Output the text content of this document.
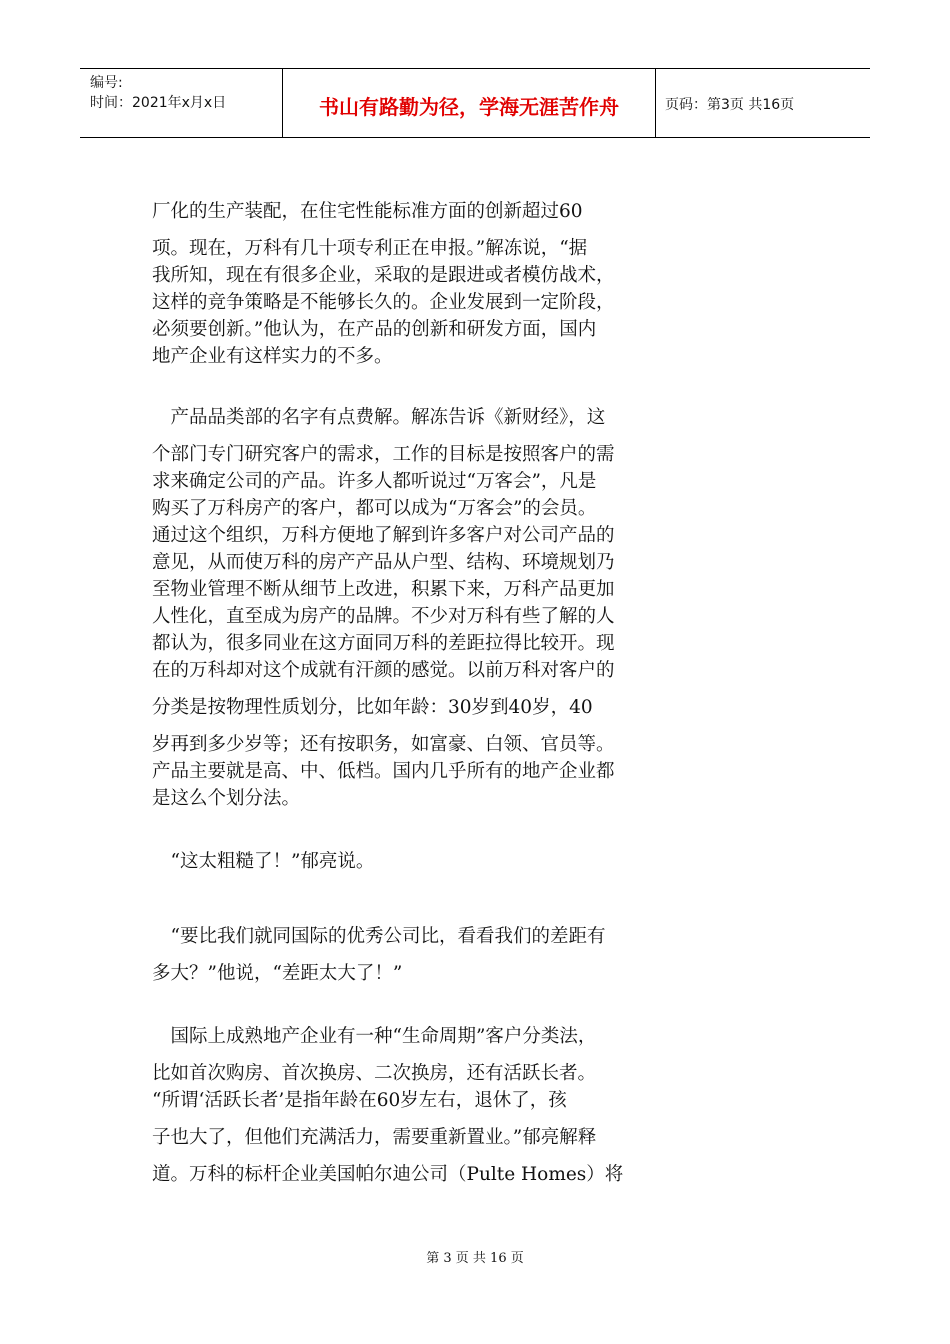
编号:
时间：2021年x月x日	书山有路勤为径，学海无涯苦作舟	页码：第3页 共16页

厂化的生产装配，在住宅性能标准方面的创新超过60
项。现在，万科有几十项专利正在申报。”解冻说，“据
我所知，现在有很多企业，采取的是跟进或者模仿战术，
这样的竞争策略是不能够长久的。企业发展到一定阶段，
必须要创新。”他认为，在产品的创新和研发方面，国内
地产企业有这样实力的不多。

　产品品类部的名字有点费解。解冻告诉《新财经》，这
个部门专门研究客户的需求，工作的目标是按照客户的需
求来确定公司的产品。许多人都听说过“万客会”，凡是
购买了万科房产的客户，都可以成为“万客会”的会员。
通过这个组织，万科方便地了解到许多客户对公司产品的
意见，从而使万科的房产产品从户型、结构、环境规划乃
至物业管理不断从细节上改进，积累下来，万科产品更加
人性化，直至成为房产的品牌。不少对万科有些了解的人
都认为，很多同业在这方面同万科的差距拉得比较开。现
在的万科却对这个成就有汗颜的感觉。以前万科对客户的
分类是按物理性质划分，比如年龄：30岁到40岁，40
岁再到多少岁等；还有按职务，如富豪、白领、官员等。
产品主要就是高、中、低档。国内几乎所有的地产企业都
是这么个划分法。

　“这太粗糙了！”郁亮说。

　“要比我们就同国际的优秀公司比，看看我们的差距有
多大？”他说，“差距太大了！”

　国际上成熟地产企业有一种“生命周期”客户分类法，
比如首次购房、首次换房、二次换房，还有活跃长者。
“所谓‘活跃长者’是指年龄在60岁左右，退休了，孩
子也大了，但他们充满活力，需要重新置业。”郁亮解释
道。万科的标杆企业美国帕尔迪公司（Pulte Homes）将

第 3 页 共 16 页
